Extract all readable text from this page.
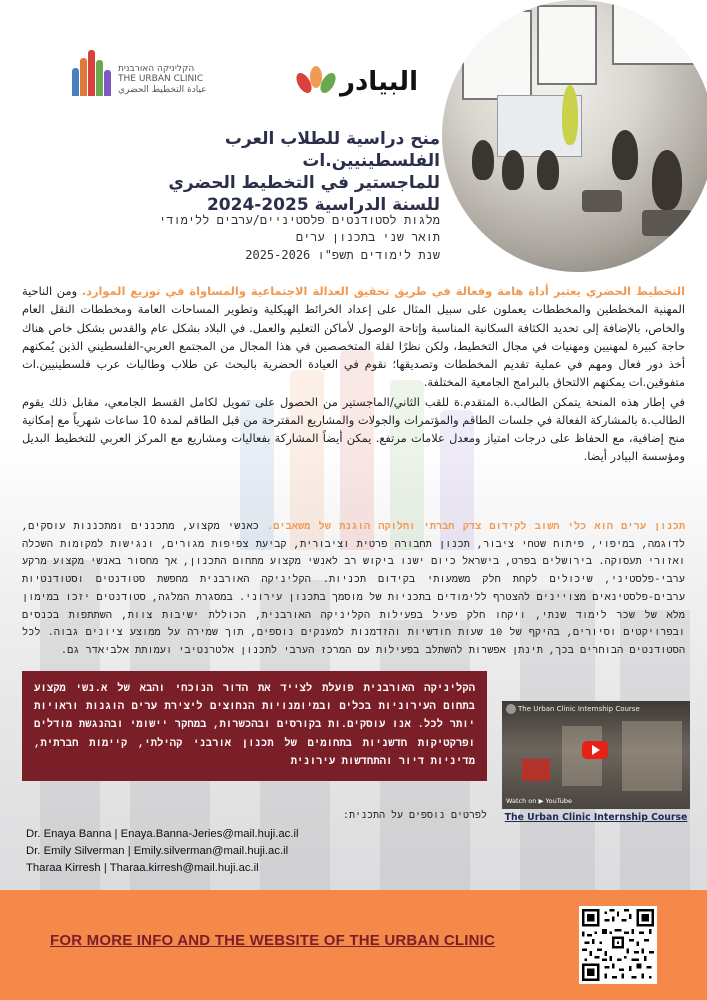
البيادر
הקליניקה האורבנית
THE URBAN CLINIC
عيادة التخطيط الحضري
منح دراسية للطلاب العرب الفلسطينيين.ات
للماجستير في التخطيط الحضري
للسنة الدراسية 2025-2024
מלגות לסטודנטים פלסטיניים/ערבים ללימודי
תואר שני בתכנון ערים
שנת לימודים תשפ"ו 2025-2026

التخطيط الحضري يعتبر أداة هامة وفعالة في طريق تحقيق العدالة الاجتماعية والمساواة في توزيع الموارد. ومن الناحية المهنية المخططين والمخططات يعملون على سبيل المثال على إعداد الخرائط الهيكلية وتطوير المساحات العامة ومخططات النقل العام والخاص، بالإضافة إلى تحديد الكثافة السكانية المناسبة وإتاحة الوصول لأماكن التعليم والعمل. في البلاد بشكل عام والقدس بشكل خاص هناك حاجة كبيرة لمهنيين ومهنيات في مجال التخطيط، ولكن نظرًا لقلة المتخصصين في هذا المجال من المجتمع العربي-الفلسطيني الذين يُمكنهم أخذ دور فعال ومهم في عملية تقديم المخططات وتصديقها؛ نقوم في العيادة الحضرية بالبحث عن طلاب وطالبات عرب فلسطينيين.ات متفوقين.ات يمكنهم الالتحاق بالبرامج الجامعية المختلفة.

في إطار هذه المنحة يتمكن الطالب.ة المتقدم.ة للقب الثاني/الماجستير من الحصول على تمويل لكامل القسط الجامعي، مقابل ذلك يقوم الطالب.ة بالمشاركة الفعالة في جلسات الطاقم والمؤتمرات والجولات والمشاريع المقترحة من قبل الطاقم لمدة 10 ساعات شهرياً مع إمكانية منح إضافية، مع الحفاظ على درجات امتياز ومعدل علامات مرتفع. يمكن أيضاً المشاركة بفعاليات ومشاريع مع المركز العربي للتخطيط البديل ومؤسسة البيادر أيضا.

תכנון ערים הוא כלי חשוב לקידום צדק חברתי וחלוקה הוגנת של משאבים. כאנשי מקצוע, מתכננים ומתכננות עוסקים, לדוגמה, במיפוי, פיתוח שטחי ציבור, תכנון תחבורה פרטית וציבורית, קביעת צפיפות מגורים, ונגישות למקומות השכלה ואזורי תעסוקה. בירושלים בפרט, בישראל כיום ישנו ביקוש רב לאנשי מקצוע מתחום התכנון, אך מחסור באנשי מקצוע מרקע ערבי-פלסטיני, שיכולים לקחת חלק משמעותי בקידום תכניות. הקליניקה האורבנית מחפשת סטודנטים וסטודנטיות ערבים-פלסטינאים מצויינים להצטרף ללימודים בתכניות של מוסמך בתכנון עירוני. במסגרת המלגה, סטודנטים יזכו במימון מלא של שכר לימוד שנתי, ויקחו חלק פעיל בפעילות הקליניקה האורבנית, הכוללת ישיבות צוות, השתתפות בכנסים ובפרויקטים וסיורים, בהיקף של 10 שעות חודשיות והזדמנות למענקים נוספים, תוך שמירה על ממוצע ציונים גבוה. לכל הסטודנטים הבוחרים בכך, תינתן אפשרות להשתלב בפעילות עם המרכז הערבי לתכנון אלטרנטיבי ועמותת אלביאדר גם.
הקליניקה האורבנית פועלת לצייד את הדור הנוכחי והבא של א.נשי מקצוע בתחום העירוניות בכלים ובמיומנויות הנחוצים ליצירת ערים הוגנות וראויות יותר לכל. אנו עוסקים.ות בקורסים ובהכשרות, במחקר יישומי ובהנגשת מודלים ופרקטיקות חדשניות בתחומים של תכנון אורבני קהילתי, קיימות חברתית, מדיניות דיור והתחדשות עירונית
The Urban Clinic Internship Course
Watch on ▶ YouTube
The Urban Clinic Internship Course
לפרטים נוספים על התכנית:
Dr. Enaya Banna | Enaya.Banna-Jeries@mail.huji.ac.il
Dr. Emily Silverman | Emily.silverman@mail.huji.ac.il
Tharaa Kirresh | Tharaa.kirresh@mail.huji.ac.il
FOR MORE INFO AND THE WEBSITE OF THE URBAN CLINIC
